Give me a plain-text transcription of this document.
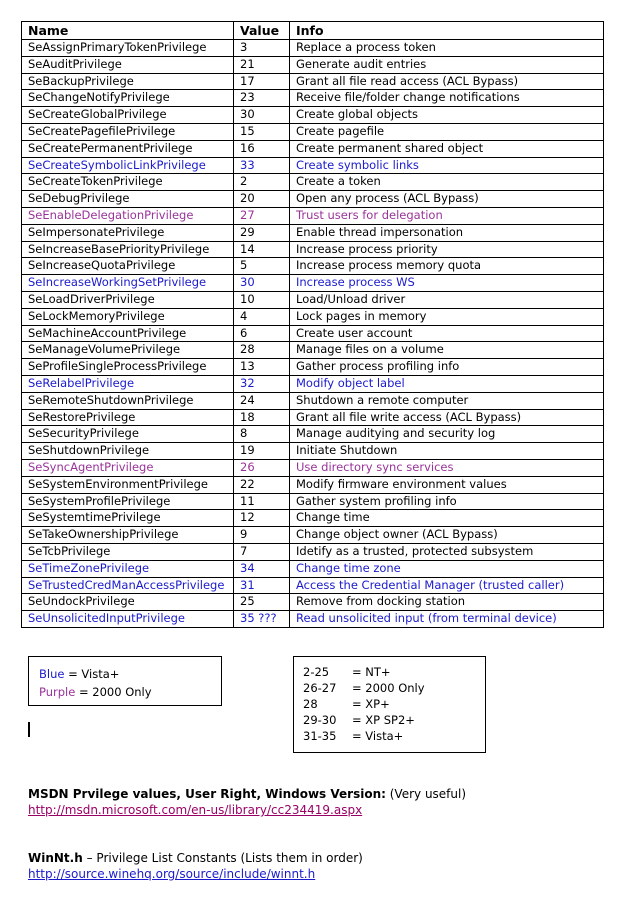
Name	Value	Info
SeAssignPrimaryTokenPrivilege	3	Replace a process token
SeAuditPrivilege	21	Generate audit entries
SeBackupPrivilege	17	Grant all file read access (ACL Bypass)
SeChangeNotifyPrivilege	23	Receive file/folder change notifications
SeCreateGlobalPrivilege	30	Create global objects
SeCreatePagefilePrivilege	15	Create pagefile
SeCreatePermanentPrivilege	16	Create permanent shared object
SeCreateSymbolicLinkPrivilege	33	Create symbolic links
SeCreateTokenPrivilege	2	Create a token
SeDebugPrivilege	20	Open any process (ACL Bypass)
SeEnableDelegationPrivilege	27	Trust users for delegation
SeImpersonatePrivilege	29	Enable thread impersonation
SeIncreaseBasePriorityPrivilege	14	Increase process priority
SeIncreaseQuotaPrivilege	5	Increase process memory quota
SeIncreaseWorkingSetPrivilege	30	Increase process WS
SeLoadDriverPrivilege	10	Load/Unload driver
SeLockMemoryPrivilege	4	Lock pages in memory
SeMachineAccountPrivilege	6	Create user account
SeManageVolumePrivilege	28	Manage files on a volume
SeProfileSingleProcessPrivilege	13	Gather process profiling info
SeRelabelPrivilege	32	Modify object label
SeRemoteShutdownPrivilege	24	Shutdown a remote computer
SeRestorePrivilege	18	Grant all file write access (ACL Bypass)
SeSecurityPrivilege	8	Manage auditying and security log
SeShutdownPrivilege	19	Initiate Shutdown
SeSyncAgentPrivilege	26	Use directory sync services
SeSystemEnvironmentPrivilege	22	Modify firmware environment values
SeSystemProfilePrivilege	11	Gather system profiling info
SeSystemtimePrivilege	12	Change time
SeTakeOwnershipPrivilege	9	Change object owner (ACL Bypass)
SeTcbPrivilege	7	Idetify as a trusted, protected subsystem
SeTimeZonePrivilege	34	Change time zone
SeTrustedCredManAccessPrivilege	31	Access the Credential Manager (trusted caller)
SeUndockPrivilege	25	Remove from docking station
SeUnsolicitedInputPrivilege	35 ???	Read unsolicited input (from terminal device)
Blue = Vista+
Purple = 2000 Only
2-25 = NT+
26-27 = 2000 Only
28	= XP+
29-30 = XP SP2+
31-35 = Vista+
MSDN Prvilege values, User Right, Windows Version: (Very useful)
http://msdn.microsoft.com/en-us/library/cc234419.aspx
WinNt.h – Privilege List Constants (Lists them in order)
http://source.winehq.org/source/include/winnt.h
